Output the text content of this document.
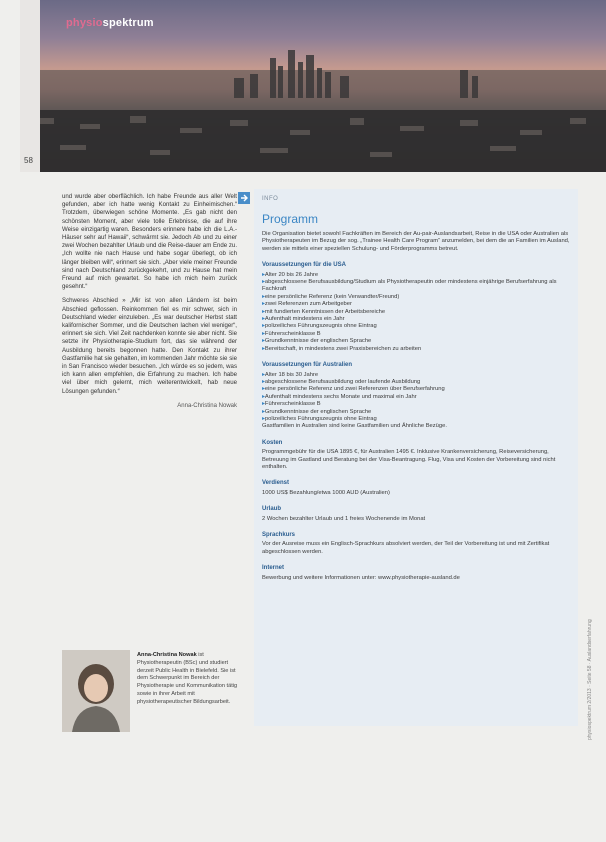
physiospektrum
58

und wurde aber oberflächlich. Ich habe Freunde aus aller Welt gefunden, aber ich hatte wenig Kontakt zu Einheimischen.“ Trotzdem, überwiegen schöne Momente. „Es gab nicht den schönsten Moment, aber viele tolle Erlebnisse, die auf ihre Weise einzigartig waren. Besonders erinnere habe ich die L.A.-Häuser sehr auf Hawaii“, schwärmt sie. Jedoch Ab und zu einer zwei Wochen bezahlter Urlaub und die Reise-dauer am Ende zu. „Ich wollte nie nach Hause und habe sogar überlegt, ob ich länger bleiben will“, erinnert sie sich. „Aber viele meiner Freunde sind nach Deutschland zurückgekehrt, und zu Hause hat mein Freund auf mich gewartet. So habe ich mich heim zurück gesehnt.“

Schweres Abschied » „Mir ist von allen Ländern ist beim Abschied geflossen. Reinkommen fiel es mir schwer, sich in Deutschland wieder einzuleben. „Es war deutscher Herbst statt kalifornischer Sommer, und die Deutschen lachen viel weniger“, erinnert sie sich. Viel Zeit nachdenken konnte sie aber nicht. Sie setzte ihr Physiotherapie-Studium fort, das sie während der Ausbildung bereits begonnen hatte. Den Kontakt zu ihrer Gastfamilie hat sie gehalten, im kommenden Jahr möchte sie sie in San Francisco wieder besuchen. „Ich würde es so jedem, was ich kann allen empfehlen, die Erfahrung zu machen. Ich habe viel über mich gelernt, mich weiterentwickelt, hab neue Lösungen gefunden.“

Anna-Christina Nowak
Anna-Christina Nowak ist Physiotherapeutin (BSc) und studiert derzeit Public Health in Bielefeld. Sie ist dem Schwerpunkt im Bereich der Physiotherapie und Kommunikation tätig sowie in ihrer Arbeit mit physiotherapeutischer Bildungsarbeit.
INFO
Programm

Die Organisation bietet sowohl Fachkräften im Bereich der Au-pair-Auslandsarbeit, Reise in die USA oder Australien als Physiotherapeuten im Bezug der sog. „Trainee Health Care Program“ anzumelden, bei dem die an Familien im Ausland, werden sie mittels einer speziellen Schulung- und Förderprogramms betreut.

Voraussetzungen für die USA
▸ Alter 20 bis 26 Jahre
▸ abgeschlossene Berufsausbildung/Studium als Physiotherapeutin oder mindestens einjährige Berufserfahrung als Fachkraft
▸ eine persönliche Referenz (kein Verwandter/Freund)
▸ zwei Referenzen zum Arbeitgeber
▸ mit fundierten Kenntnissen der Arbeitsbereiche
▸ Aufenthalt mindestens ein Jahr
▸ polizeiliches Führungszeugnis ohne Eintrag
▸ Führerscheinklasse B
▸ Grundkenntnisse der englischen Sprache
▸ Bereitschaft, in mindestens zwei Praxisbereichen zu arbeiten
Voraussetzungen für Australien
▸ Alter 18 bis 30 Jahre
▸ abgeschlossene Berufsausbildung oder laufende Ausbildung
▸ eine persönliche Referenz und zwei Referenzen über Berufserfahrung
▸ Aufenthalt mindestens sechs Monate und maximal ein Jahr
▸ Führerscheinklasse B
▸ Grundkenntnisse der englischen Sprache
▸ polizeiliches Führungszeugnis ohne Eintrag

Gastfamilien in Australien sind keine Gastfamilien und Ähnliche Bezüge.

Kosten

Programmgebühr für die USA 1895 €, für Australien 1495 €. Inklusive Krankenversicherung, Reiseversicherung, Betreuung im Gastland und Beratung bei der Visa-Beantragung. Flug, Visa und Kosten der Vorbereitung sind nicht enthalten.

Verdienst

1000 US$ Bezahlung/etwa 1000 AUD (Australien)

Urlaub

2 Wochen bezahlter Urlaub und 1 freies Wochenende im Monat

Sprachkurs

Vor der Ausreise muss ein Englisch-Sprachkurs absolviert werden, der Teil der Vorbereitung ist und mit Zertifikat abgeschlossen werden.

Internet

Bewerbung und weitere Informationen unter: www.physiotherapie-ausland.de

physiospektrum 2/2013 · Seite 58 · Auslandserfahrung
